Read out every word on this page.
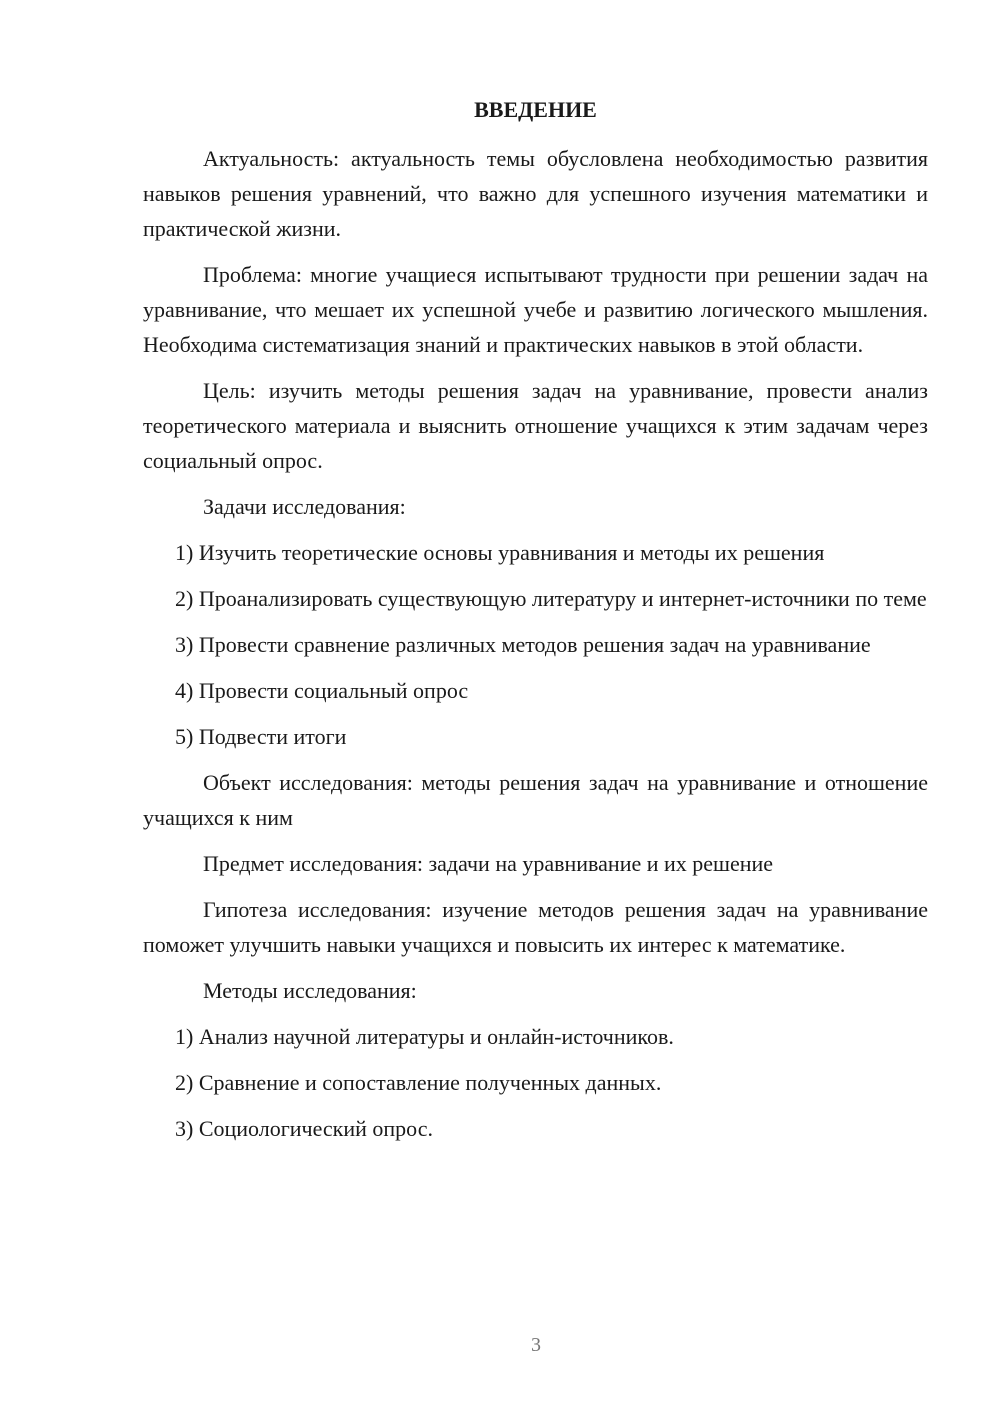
ВВЕДЕНИЕ

Актуальность: актуальность темы обусловлена необходимостью развития навыков решения уравнений, что важно для успешного изучения математики и практической жизни.

Проблема: многие учащиеся испытывают трудности при решении задач на уравнивание, что мешает их успешной учебе и развитию логического мышления. Необходима систематизация знаний и практических навыков в этой области.

Цель: изучить методы решения задач на уравнивание, провести анализ теоретического материала и выяснить отношение учащихся к этим задачам через социальный опрос.

Задачи исследования:

1) Изучить теоретические основы уравнивания и методы их решения

2) Проанализировать существующую литературу и интернет-источники по теме

3) Провести сравнение различных методов решения задач на уравнивание

4) Провести социальный опрос

5) Подвести итоги

Объект исследования: методы решения задач на уравнивание и отношение учащихся к ним

Предмет исследования: задачи на уравнивание и их решение

Гипотеза исследования: изучение методов решения задач на уравнивание поможет улучшить навыки учащихся и повысить их интерес к математике.

Методы исследования:

1) Анализ научной литературы и онлайн-источников.

2) Сравнение и сопоставление полученных данных.

3) Социологический опрос.

3
